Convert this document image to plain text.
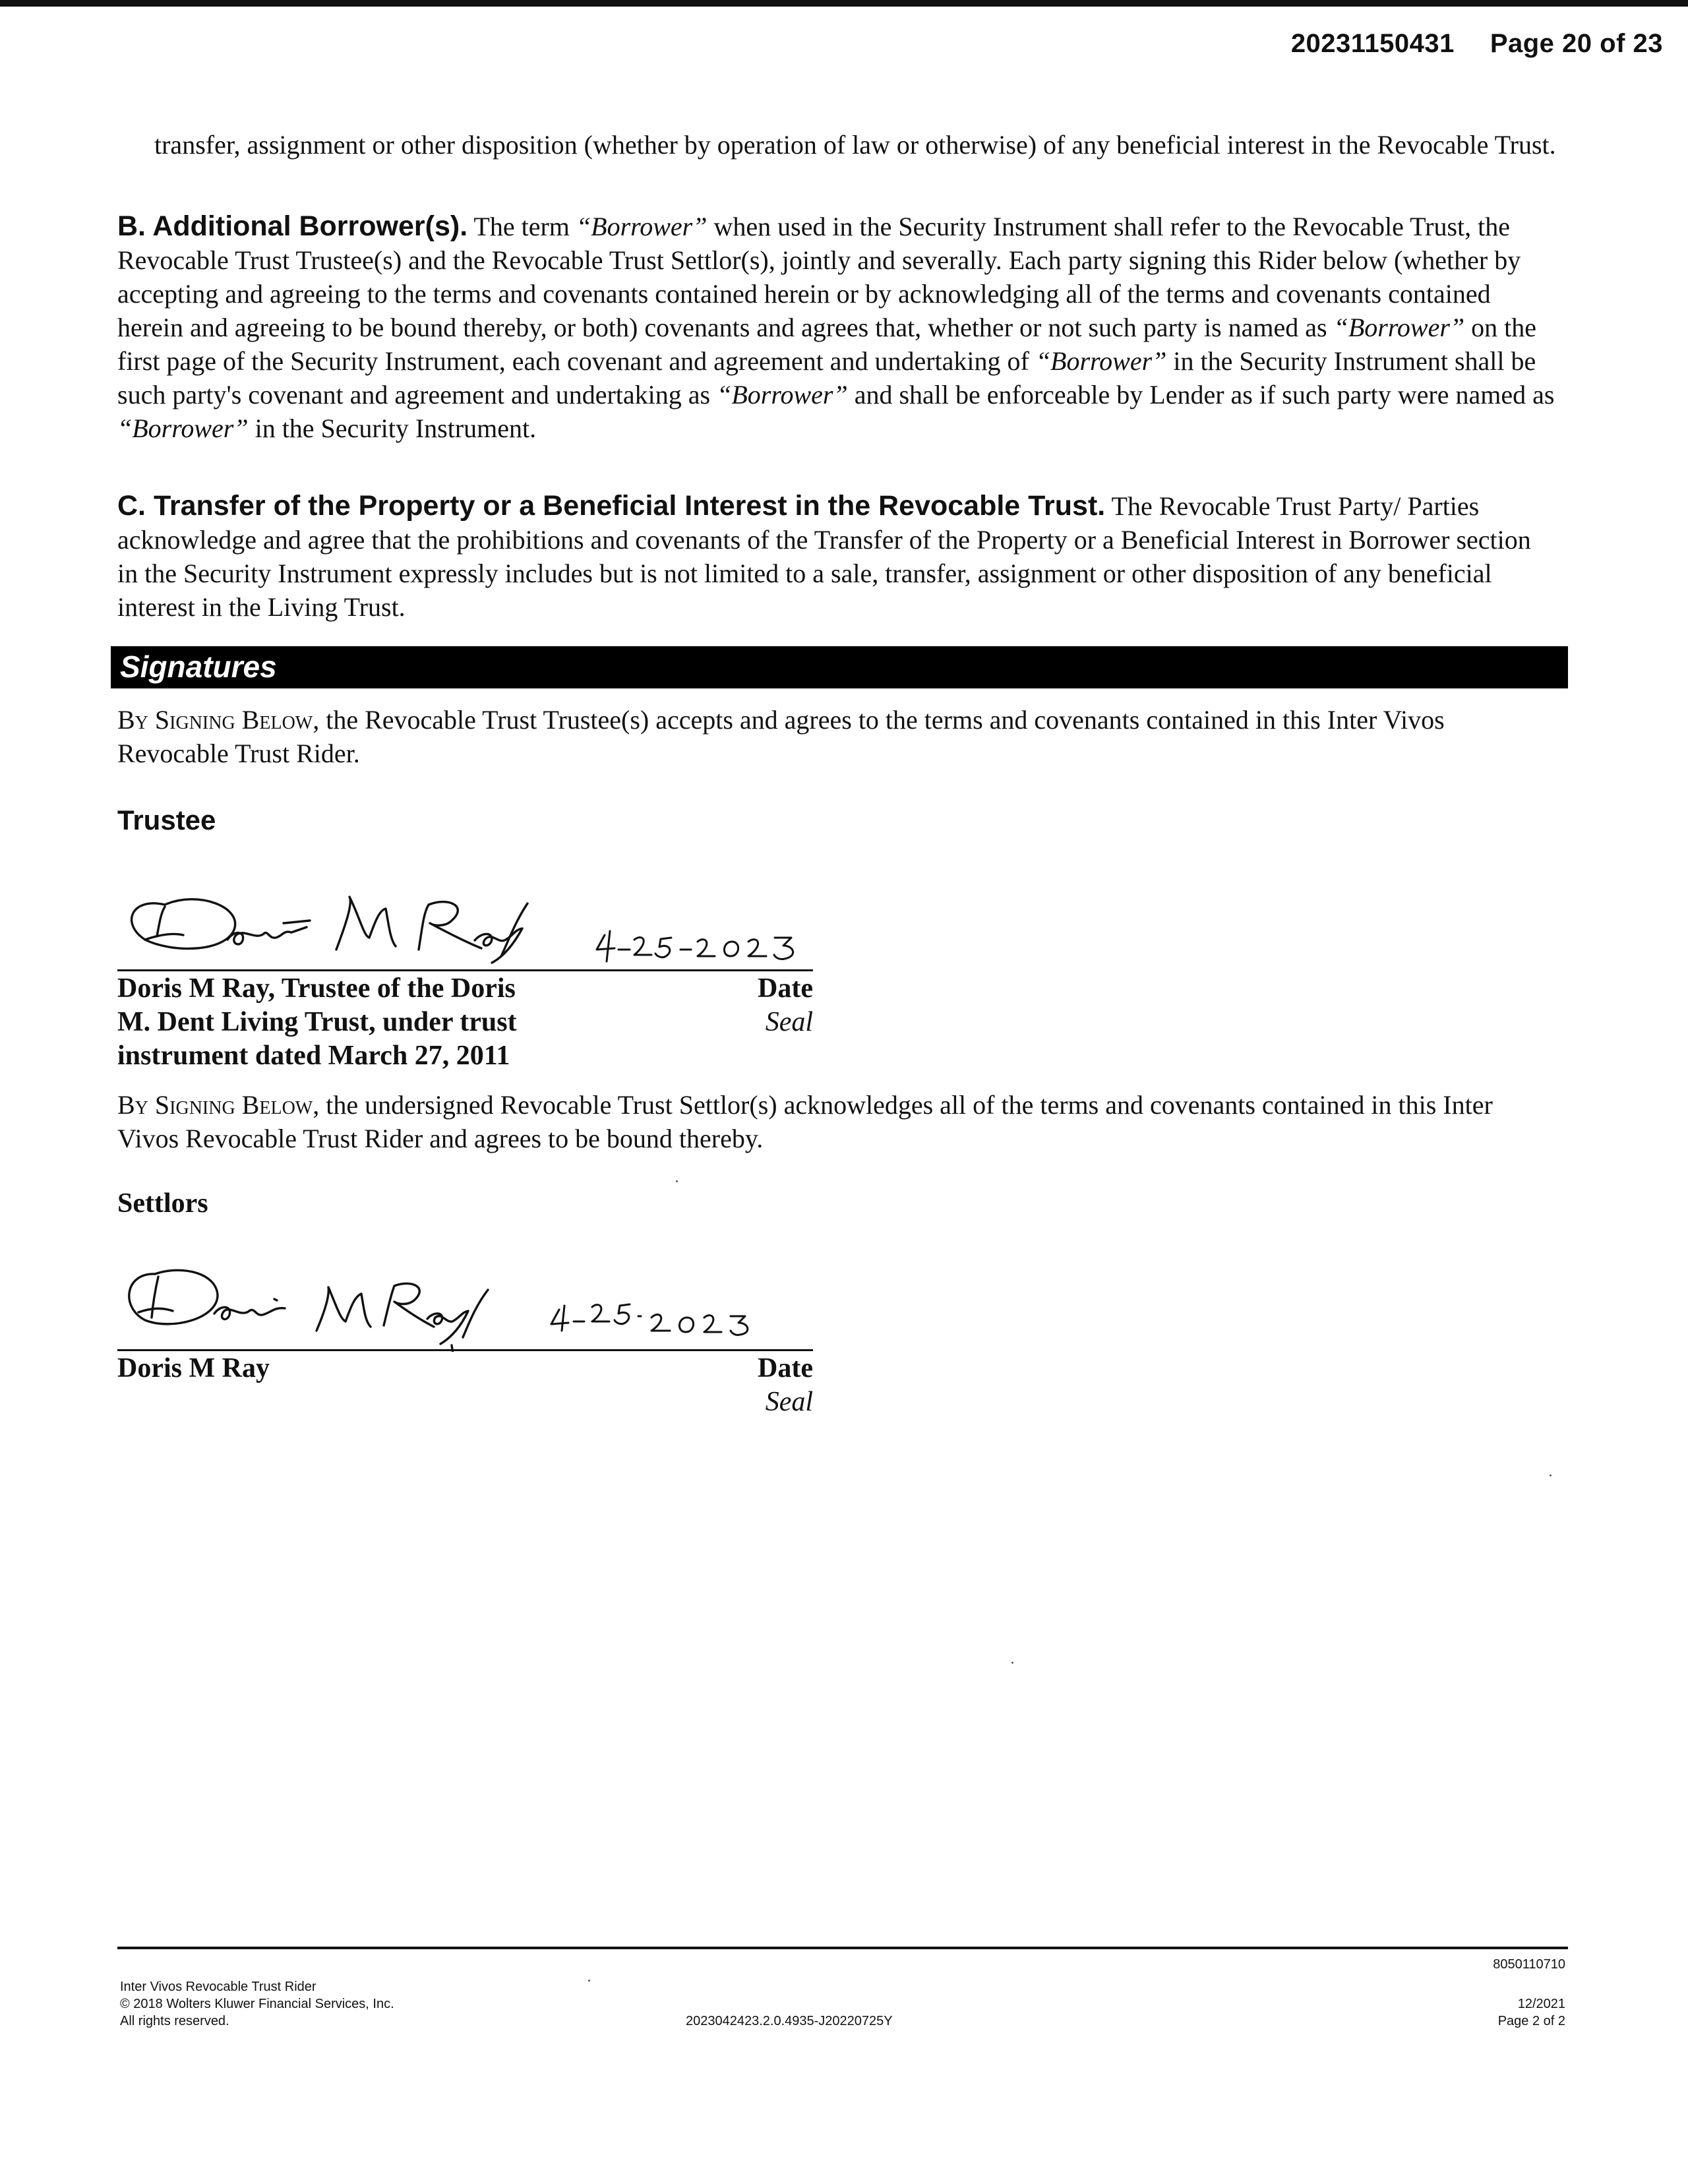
20231150431 Page 20 of 23

transfer, assignment or other disposition (whether by operation of law or otherwise) of any beneficial interest in the Revocable Trust.

B. Additional Borrower(s). The term “Borrower” when used in the Security Instrument shall refer to the Revocable Trust, the Revocable Trust Trustee(s) and the Revocable Trust Settlor(s), jointly and severally. Each party signing this Rider below (whether by accepting and agreeing to the terms and covenants contained herein or by acknowledging all of the terms and covenants contained herein and agreeing to be bound thereby, or both) covenants and agrees that, whether or not such party is named as “Borrower” on the first page of the Security Instrument, each covenant and agreement and undertaking of “Borrower” in the Security Instrument shall be such party's covenant and agreement and undertaking as “Borrower” and shall be enforceable by Lender as if such party were named as “Borrower” in the Security Instrument.

C. Transfer of the Property or a Beneficial Interest in the Revocable Trust. The Revocable Trust Party/ Parties acknowledge and agree that the prohibitions and covenants of the Transfer of the Property or a Beneficial Interest in Borrower section in the Security Instrument expressly includes but is not limited to a sale, transfer, assignment or other disposition of any beneficial interest in the Living Trust.

Signatures

By Signing Below, the Revocable Trust Trustee(s) accepts and agrees to the terms and covenants contained in this Inter Vivos Revocable Trust Rider.

Trustee
Doris M Ray, Trustee of the Doris
M. Dent Living Trust, under trust
instrument dated March 27, 2011
Date
Seal

By Signing Below, the undersigned Revocable Trust Settlor(s) acknowledges all of the terms and covenants contained in this Inter Vivos Revocable Trust Rider and agrees to be bound thereby.

Settlors
Doris M Ray	Date
Seal
Inter Vivos Revocable Trust Rider
© 2018 Wolters Kluwer Financial Services, Inc.
All rights reserved.	2023042423.2.0.4935-J20220725Y
8050110710
12/2021
Page 2 of 2
